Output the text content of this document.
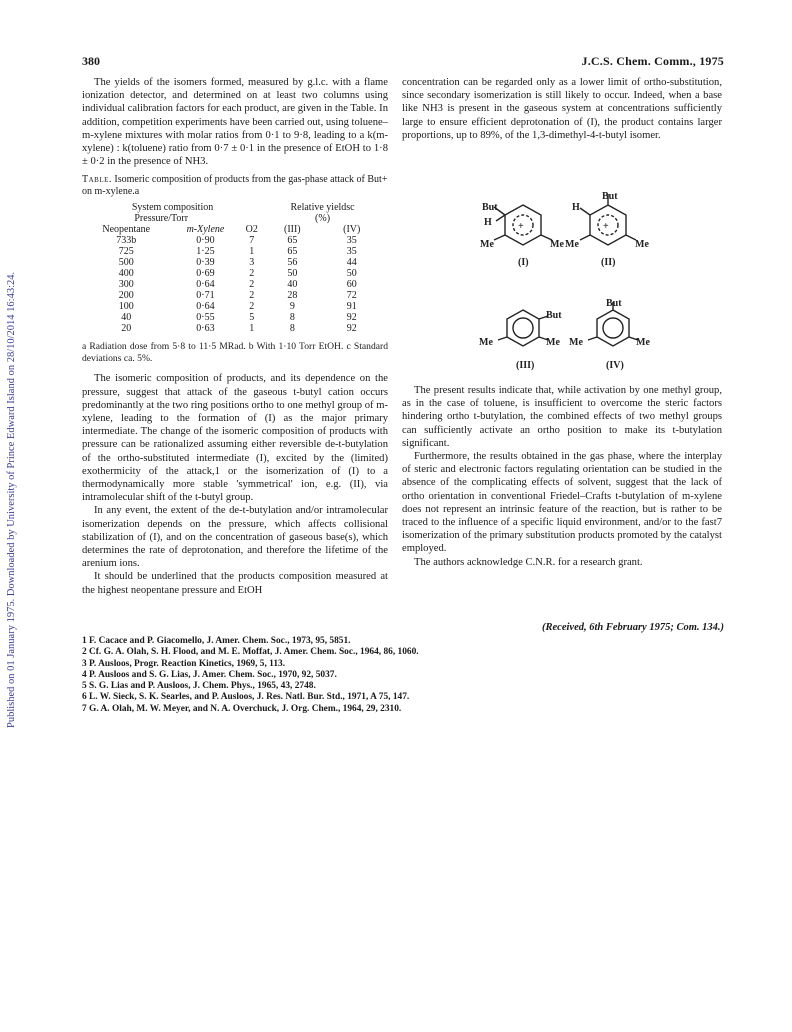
Published on 01 January 1975. Downloaded by University of Prince Edward Island on 28/10/2014 16:43:24.
380	J.C.S. Chem. Comm., 1975

The yields of the isomers formed, measured by g.l.c. with a flame ionization detector, and determined on at least two columns using individual calibration factors for each product, are given in the Table. In addition, competition experiments have been carried out, using toluene–m-xylene mixtures with molar ratios from 0·1 to 9·8, leading to a k(m-xylene) : k(toluene) ratio from 0·7 ± 0·1 in the presence of EtOH to 1·8 ± 0·2 in the presence of NH3.

Table. Isomeric composition of products from the gas-phase attack of But+ on m-xylene.a
System composition			Relative yieldsc	
Pressure/Torr			(%)	
Neopentane	m-Xylene	O2	(III)	(IV)
733b	0·90	7	65	35
725	1·25	1	65	35
500	0·39	3	56	44
400	0·69	2	50	50
300	0·64	2	40	60
200	0·71	2	28	72
100	0·64	2	9	91
40	0·55	5	8	92
20	0·63	1	8	92
a Radiation dose from 5·8 to 11·5 MRad. b With 1·10 Torr EtOH. c Standard deviations ca. 5%.

The isomeric composition of products, and its dependence on the pressure, suggest that attack of the gaseous t-butyl cation occurs predominantly at the two ring positions ortho to one methyl group of m-xylene, leading to the formation of (I) as the major primary intermediate. The change of the isomeric composition of products with pressure can be rationalized assuming either reversible de-t-butylation of the ortho-substituted intermediate (I), excited by the (limited) exothermicity of the attack,1 or the isomerization of (I) to a thermodynamically more stable 'symmetrical' ion, e.g. (II), via intramolecular shift of the t-butyl group.

In any event, the extent of the de-t-butylation and/or intramolecular isomerization depends on the pressure, which affects collisional stabilization of (I), and on the concentration of gaseous base(s), which determines the rate of deprotonation, and therefore the lifetime of the arenium ions.

It should be underlined that the products composition measured at the highest neopentane pressure and EtOH

concentration can be regarded only as a lower limit of ortho-substitution, since secondary isomerization is still likely to occur. Indeed, when a base like NH3 is present in the gaseous system at concentrations sufficiently large to ensure efficient deprotonation of (I), the product contains larger proportions, up to 89%, of the 1,3-dimethyl-4-t-butyl isomer.

+	+
But
H
Me	Me
(I)
But
H
Me	Me
(II)
But
Me
Me
(III)
But
Me
Me
(IV)

The present results indicate that, while activation by one methyl group, as in the case of toluene, is insufficient to overcome the steric factors hindering ortho t-butylation, the combined effects of two methyl groups can sufficiently activate an ortho position to make its t-butylation significant.

Furthermore, the results obtained in the gas phase, where the interplay of steric and electronic factors regulating orientation can be studied in the absence of the complicating effects of solvent, suggest that the lack of ortho orientation in conventional Friedel–Crafts t-butylation of m-xylene does not represent an intrinsic feature of the reaction, but is rather to be traced to the influence of a specific liquid environment, and/or to the fast7 isomerization of the primary substitution products promoted by the catalyst employed.

The authors acknowledge C.N.R. for a research grant.

(Received, 6th February 1975; Com. 134.)
1 F. Cacace and P. Giacomello, J. Amer. Chem. Soc., 1973, 95, 5851.
2 Cf. G. A. Olah, S. H. Flood, and M. E. Moffat, J. Amer. Chem. Soc., 1964, 86, 1060.
3 P. Ausloos, Progr. Reaction Kinetics, 1969, 5, 113.
4 P. Ausloos and S. G. Lias, J. Amer. Chem. Soc., 1970, 92, 5037.
5 S. G. Lias and P. Ausloos, J. Chem. Phys., 1965, 43, 2748.
6 L. W. Sieck, S. K. Searles, and P. Ausloos, J. Res. Natl. Bur. Std., 1971, A 75, 147.
7 G. A. Olah, M. W. Meyer, and N. A. Overchuck, J. Org. Chem., 1964, 29, 2310.
